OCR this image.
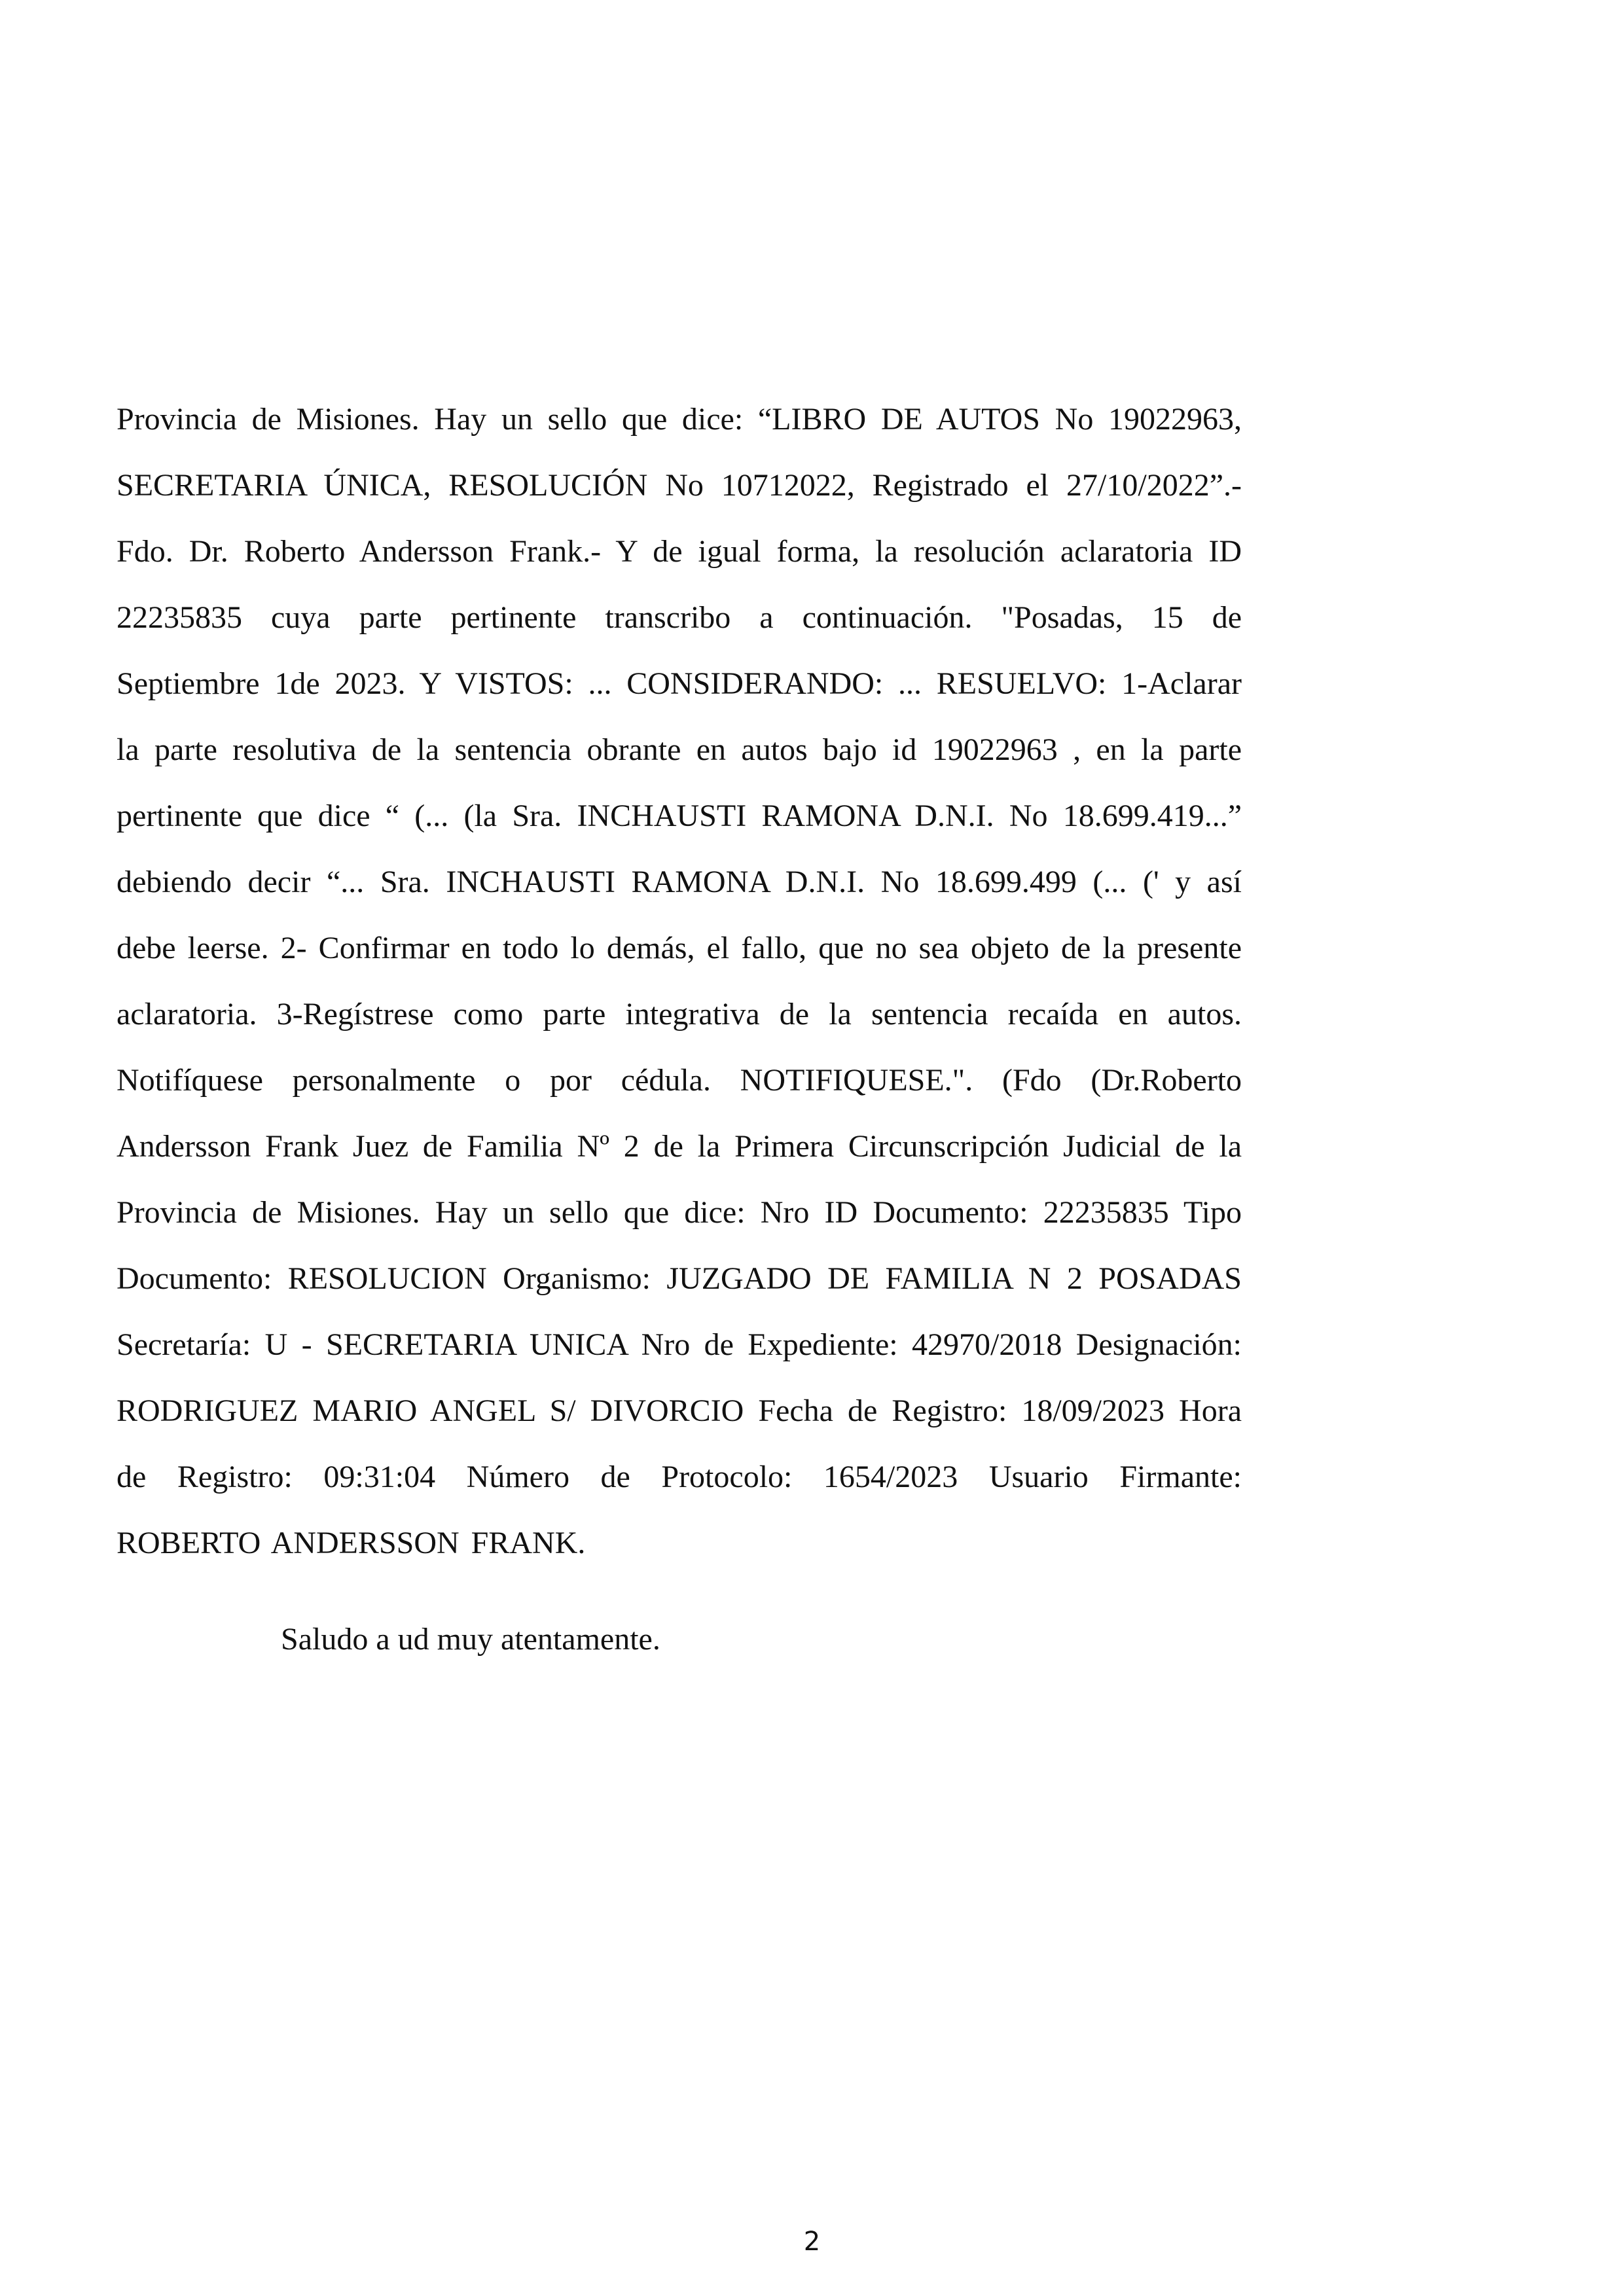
Provincia de Misiones. Hay un sello que dice: “LIBRO DE AUTOS No 19022963,
SECRETARIA ÚNICA, RESOLUCIÓN No 10712022, Registrado el 27/10/2022”.-
Fdo. Dr. Roberto Andersson Frank.- Y de igual forma, la resolución aclaratoria ID
22235835 cuya parte pertinente transcribo a continuación. "Posadas, 15 de
Septiembre 1de 2023. Y VISTOS: ... CONSIDERANDO: ... RESUELVO: 1-Aclarar
la parte resolutiva de la sentencia obrante en autos bajo id 19022963 , en la parte
pertinente que dice “ (... (la Sra. INCHAUSTI RAMONA D.N.I. No 18.699.419...”
debiendo decir “... Sra. INCHAUSTI RAMONA D.N.I. No 18.699.499 (... (' y así
debe leerse. 2- Confirmar en todo lo demás, el fallo, que no sea objeto de la presente
aclaratoria. 3-Regístrese como parte integrativa de la sentencia recaída en autos.
Notifíquese personalmente o por cédula. NOTIFIQUESE.". (Fdo (Dr.Roberto
Andersson Frank Juez de Familia Nº 2 de la Primera Circunscripción Judicial de la
Provincia de Misiones. Hay un sello que dice: Nro ID Documento: 22235835 Tipo
Documento: RESOLUCION Organismo: JUZGADO DE FAMILIA N 2 POSADAS
Secretaría: U - SECRETARIA UNICA Nro de Expediente: 42970/2018 Designación:
RODRIGUEZ MARIO ANGEL S/ DIVORCIO Fecha de Registro: 18/09/2023 Hora
de Registro: 09:31:04 Número de Protocolo: 1654/2023 Usuario Firmante:
ROBERTO ANDERSSON FRANK.
Saludo a ud muy atentamente.
2
